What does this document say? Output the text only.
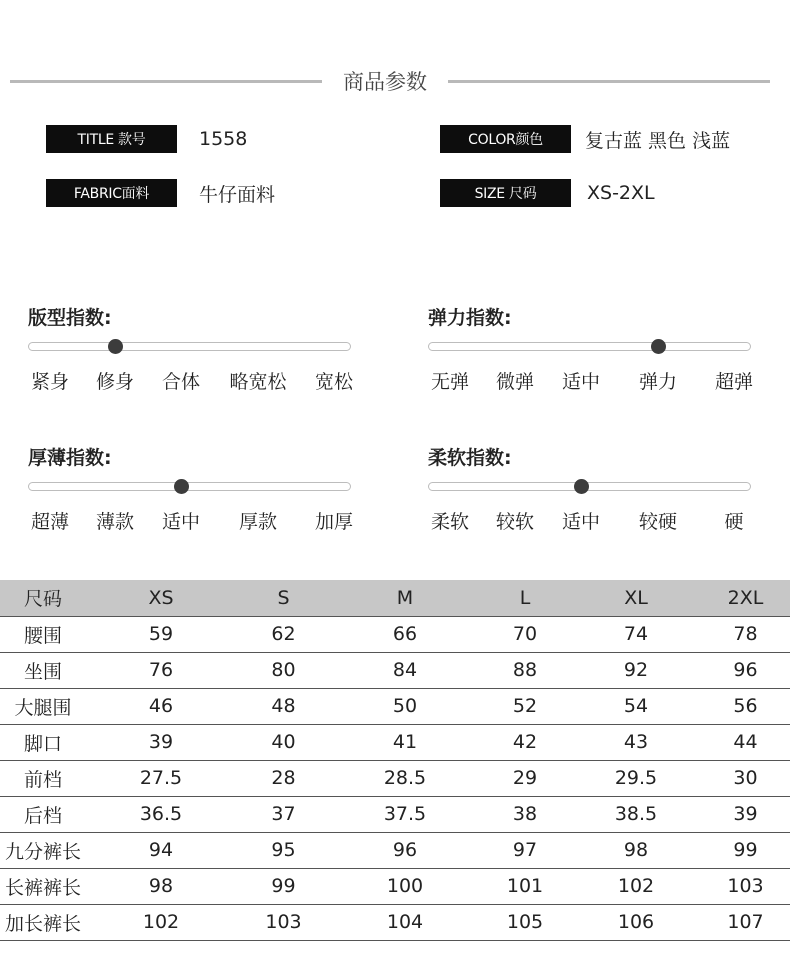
商品参数
TITLE 款号	1558	COLOR颜色	复古蓝 黑色 浅蓝
FABRIC面料	牛仔面料	SIZE 尺码	XS-2XL
版型指数:
紧身 修身 合体 略宽松 宽松
弹力指数:
无弹 微弹 适中 弹力 超弹
厚薄指数:
超薄 薄款 适中 厚款 加厚
柔软指数:
柔软 较软 适中 较硬 硬
尺码	XS	S	M	L	XL	2XL
腰围	59	62	66	70	74	78
坐围	76	80	84	88	92	96
大腿围	46	48	50	52	54	56
脚口	39	40	41	42	43	44
前档	27.5	28	28.5	29	29.5	30
后档	36.5	37	37.5	38	38.5	39
九分裤长	94	95	96	97	98	99
长裤裤长	98	99	100	101	102	103
加长裤长	102	103	104	105	106	107
